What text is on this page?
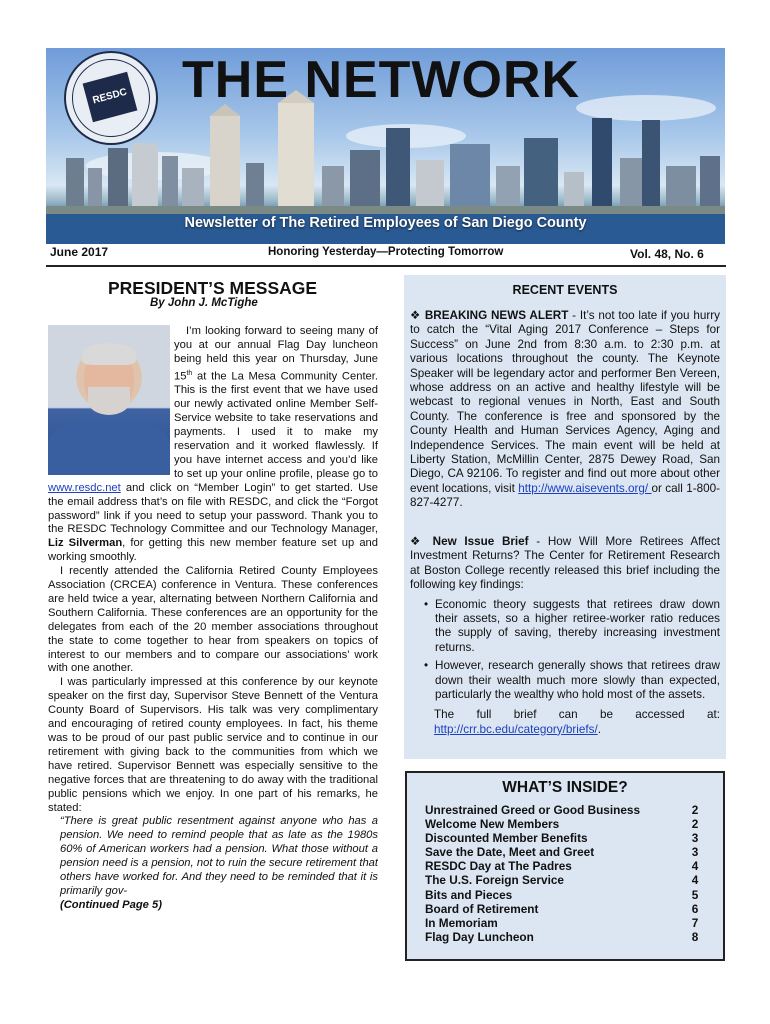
RESDC THE NETWORK
Newsletter of The Retired Employees of San Diego County
June 2017	Honoring Yesterday—Protecting Tomorrow	Vol. 48, No. 6
PRESIDENT’S MESSAGE
By John J. McTighe

I’m looking forward to seeing many of you at our annual Flag Day luncheon being held this year on Thursday, June 15th at the La Mesa Community Center. This is the first event that we have used our newly activated online Member Self-Service website to take reservations and payments. I used it to make my reservation and it worked flawlessly. If you have internet access and you’d like to set up your online profile, please go to www.resdc.net and click on “Member Login” to get started. Use the email address that’s on file with RESDC, and click the “Forgot password” link if you need to setup your password. Thank you to the RESDC Technology Committee and our Technology Manager, Liz Silverman, for getting this new member feature set up and working smoothly.

I recently attended the California Retired County Employees Association (CRCEA) conference in Ventura. These conferences are held twice a year, alternating between Northern California and Southern California. These conferences are an opportunity for the delegates from each of the 20 member associations throughout the state to come together to hear from speakers on topics of interest to our members and to compare our associations’ work with one another.

I was particularly impressed at this conference by our keynote speaker on the first day, Supervisor Steve Bennett of the Ventura County Board of Supervisors. His talk was very complimentary and encouraging of retired county employees. In fact, his theme was to be proud of our past public service and to continue in our retirement with giving back to the communities from which we have retired. Supervisor Bennett was especially sensitive to the negative forces that are threatening to do away with the traditional public pensions which we enjoy. In one part of his remarks, he stated:

“There is great public resentment against anyone who has a pension. We need to remind people that as late as the 1980s 60% of American workers had a pension. What those without a pension need is a pension, not to ruin the secure retirement that others have worked for. And they need to be reminded that it is primarily gov-

(Continued Page 5)

RECENT EVENTS
❖ BREAKING NEWS ALERT - It’s not too late if you hurry to catch the “Vital Aging 2017 Conference – Steps for Success” on June 2nd from 8:30 a.m. to 2:30 p.m. at various locations throughout the county. The Keynote Speaker will be legendary actor and performer Ben Vereen, whose address on an active and healthy lifestyle will be webcast to regional venues in North, East and South County. The conference is free and sponsored by the County Health and Human Services Agency, Aging and Independence Services. The main event will be held at Liberty Station, McMillin Center, 2875 Dewey Road, San Diego, CA 92106. To register and find out more about other event locations, visit http://www.aisevents.org/ or call 1-800-827-4277.
❖ New Issue Brief - How Will More Retirees Affect Investment Returns? The Center for Retirement Research at Boston College recently released this brief including the following key findings:
• Economic theory suggests that retirees draw down their assets, so a higher retiree-worker ratio reduces the supply of saving, thereby increasing investment returns.
• However, research generally shows that retirees draw down their wealth much more slowly than expected, particularly the wealthy who hold most of the assets.
The full brief can be accessed at: http://crr.bc.edu/category/briefs/.
WHAT’S INSIDE?
Unrestrained Greed or Good Business	2
Welcome New Members	2
Discounted Member Benefits	3
Save the Date, Meet and Greet	3
RESDC Day at The Padres	4
The U.S. Foreign Service	4
Bits and Pieces	5
Board of Retirement	6
In Memoriam	7
Flag Day Luncheon	8
